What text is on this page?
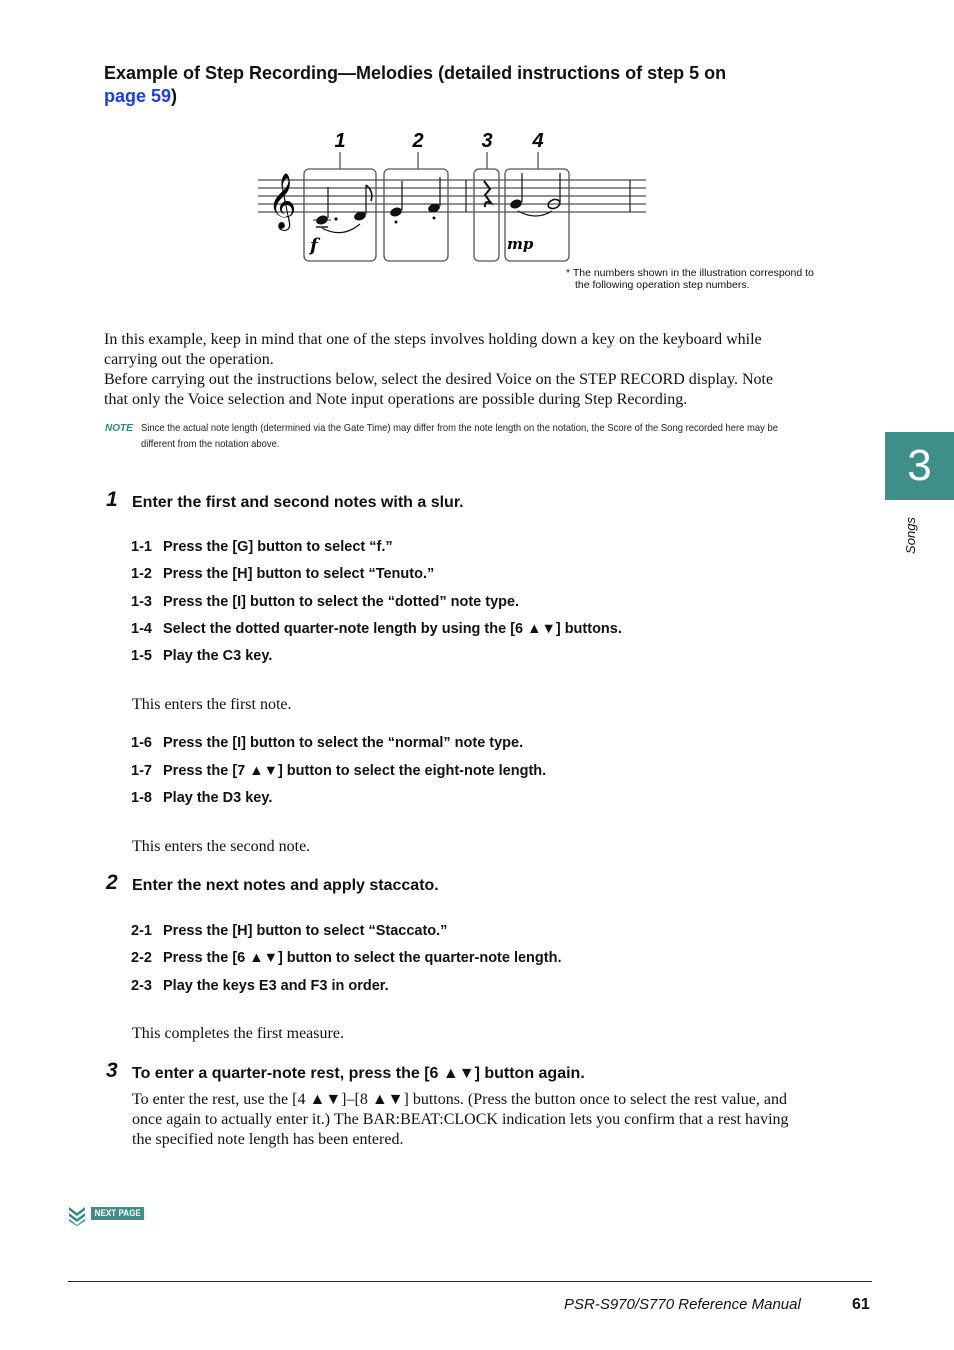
Example of Step Recording—Melodies (detailed instructions of step 5 on
page 59)
1	2	3 4
𝄞
f	mp
* The numbers shown in the illustration correspond to
the following operation step numbers.
In this example, keep in mind that one of the steps involves holding down a key on the keyboard while
carrying out the operation.
Before carrying out the instructions below, select the desired Voice on the STEP RECORD display. Note
that only the Voice selection and Note input operations are possible during Step Recording.
NOTE Since the actual note length (determined via the Gate Time) may differ from the note length on the notation, the Score of the Song recorded here may be
different from the notation above.
1 Enter the first and second notes with a slur.
1-1 Press the [G] button to select “f.”
1-2 Press the [H] button to select “Tenuto.”
1-3 Press the [I] button to select the “dotted” note type.
1-4 Select the dotted quarter-note length by using the [6 ▲▼] buttons.
1-5 Play the C3 key.
This enters the first note.
1-6 Press the [I] button to select the “normal” note type.
1-7 Press the [7 ▲▼] button to select the eight-note length.
1-8 Play the D3 key.
This enters the second note.
2 Enter the next notes and apply staccato.
2-1 Press the [H] button to select “Staccato.”
2-2 Press the [6 ▲▼] button to select the quarter-note length.
2-3 Play the keys E3 and F3 in order.
This completes the first measure.
3 To enter a quarter-note rest, press the [6 ▲▼] button again.
To enter the rest, use the [4 ▲▼]–[8 ▲▼] buttons. (Press the button once to select the rest value, and
once again to actually enter it.) The BAR:BEAT:CLOCK indication lets you confirm that a rest having
the specified note length has been entered.
3
Songs
NEXT PAGE
PSR-S970/S770 Reference Manual	61
